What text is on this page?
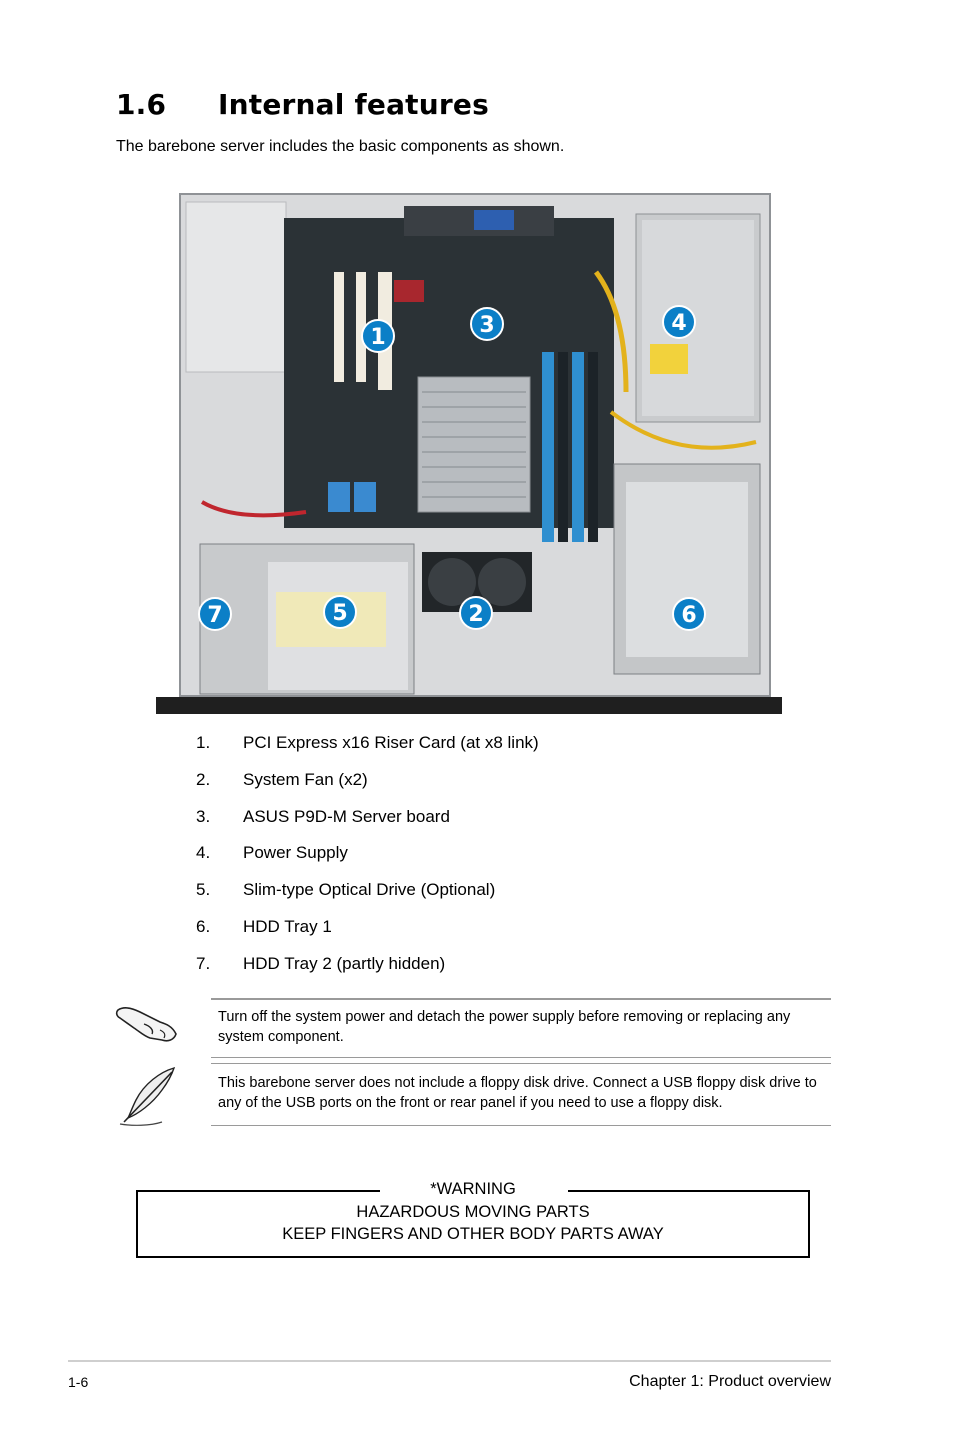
1.6 Internal features
The barebone server includes the basic components as shown.
1
2
3	4
5	6
7
1. PCI Express x16 Riser Card (at x8 link)
2. System Fan (x2)
3. ASUS P9D-M Server board
4. Power Supply
5. Slim-type Optical Drive (Optional)
6. HDD Tray 1
7. HDD Tray 2 (partly hidden)
Turn off the system power and detach the power supply before removing or replacing any system component.
This barebone server does not include a floppy disk drive. Connect a USB floppy disk drive to any of the USB ports on the front or rear panel if you need to use a floppy disk.
*WARNING
HAZARDOUS MOVING PARTS
KEEP FINGERS AND OTHER BODY PARTS AWAY
1-6	Chapter 1: Product overview
